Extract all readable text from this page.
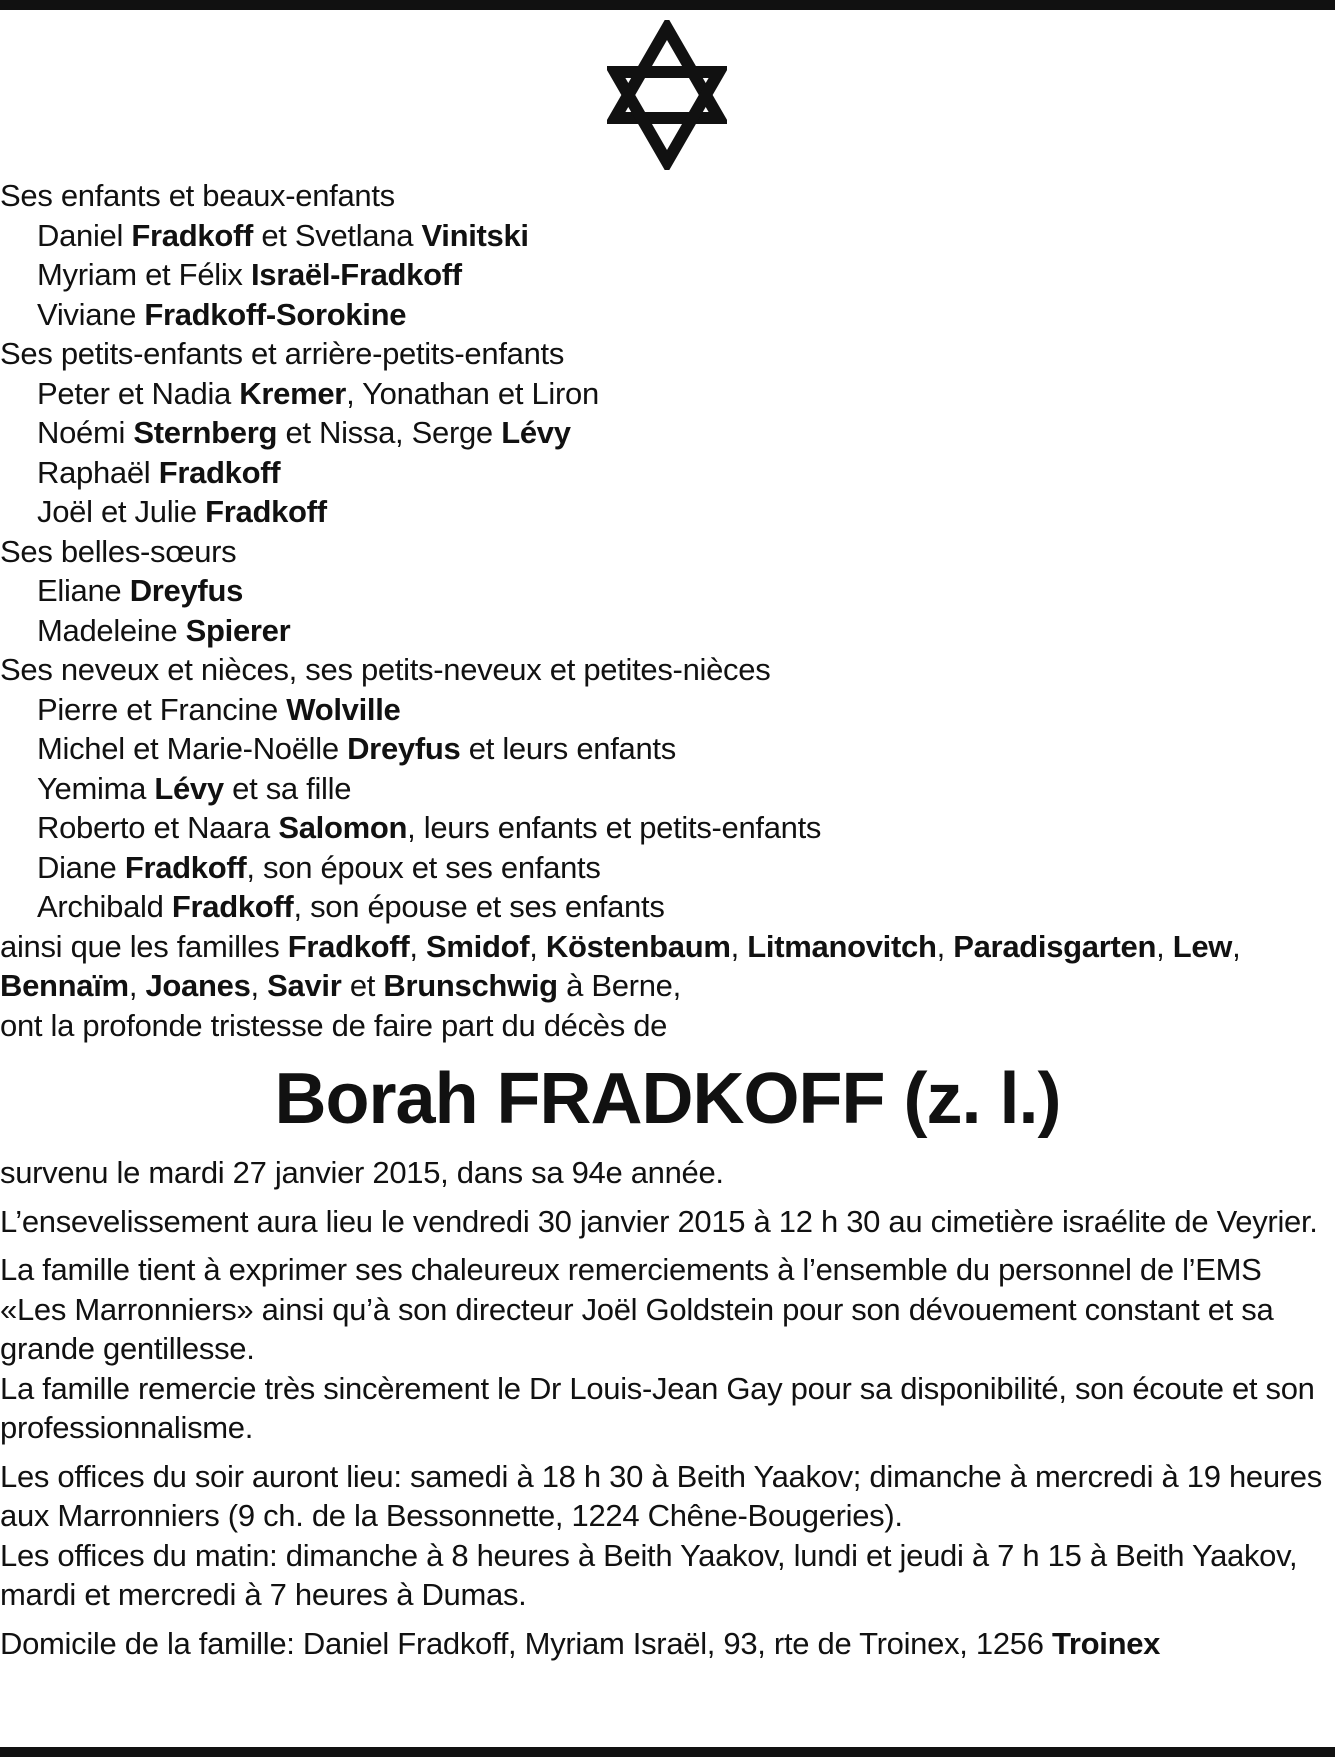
Ses enfants et beaux-enfants

Daniel Fradkoff et Svetlana Vinitski

Myriam et Félix Israël-Fradkoff

Viviane Fradkoff-Sorokine

Ses petits-enfants et arrière-petits-enfants

Peter et Nadia Kremer, Yonathan et Liron

Noémi Sternberg et Nissa, Serge Lévy

Raphaël Fradkoff

Joël et Julie Fradkoff

Ses belles-sœurs

Eliane Dreyfus

Madeleine Spierer

Ses neveux et nièces, ses petits-neveux et petites-nièces

Pierre et Francine Wolville

Michel et Marie-Noëlle Dreyfus et leurs enfants

Yemima Lévy et sa fille

Roberto et Naara Salomon, leurs enfants et petits-enfants

Diane Fradkoff, son époux et ses enfants

Archibald Fradkoff, son épouse et ses enfants

ainsi que les familles Fradkoff, Smidof, Köstenbaum, Litmanovitch, Paradisgarten, Lew,

Bennaïm, Joanes, Savir et Brunschwig à Berne,

ont la profonde tristesse de faire part du décès de

Borah FRADKOFF (z. l.)

survenu le mardi 27 janvier 2015, dans sa 94e année.

L’ensevelissement aura lieu le vendredi 30 janvier 2015 à 12 h 30 au cimetière israélite de Veyrier.

La famille tient à exprimer ses chaleureux remerciements à l’ensemble du personnel de l’EMS «Les Marronniers» ainsi qu’à son directeur Joël Goldstein pour son dévouement constant et sa grande gentillesse.

La famille remercie très sincèrement le Dr Louis-Jean Gay pour sa disponibilité, son écoute et son professionnalisme.

Les offices du soir auront lieu: samedi à 18 h 30 à Beith Yaakov; dimanche à mercredi à 19 heures aux Marronniers (9 ch. de la Bessonnette, 1224 Chêne-Bougeries).

Les offices du matin: dimanche à 8 heures à Beith Yaakov, lundi et jeudi à 7 h 15 à Beith Yaakov, mardi et mercredi à 7 heures à Dumas.

Domicile de la famille: Daniel Fradkoff, Myriam Israël, 93, rte de Troinex, 1256 Troinex
